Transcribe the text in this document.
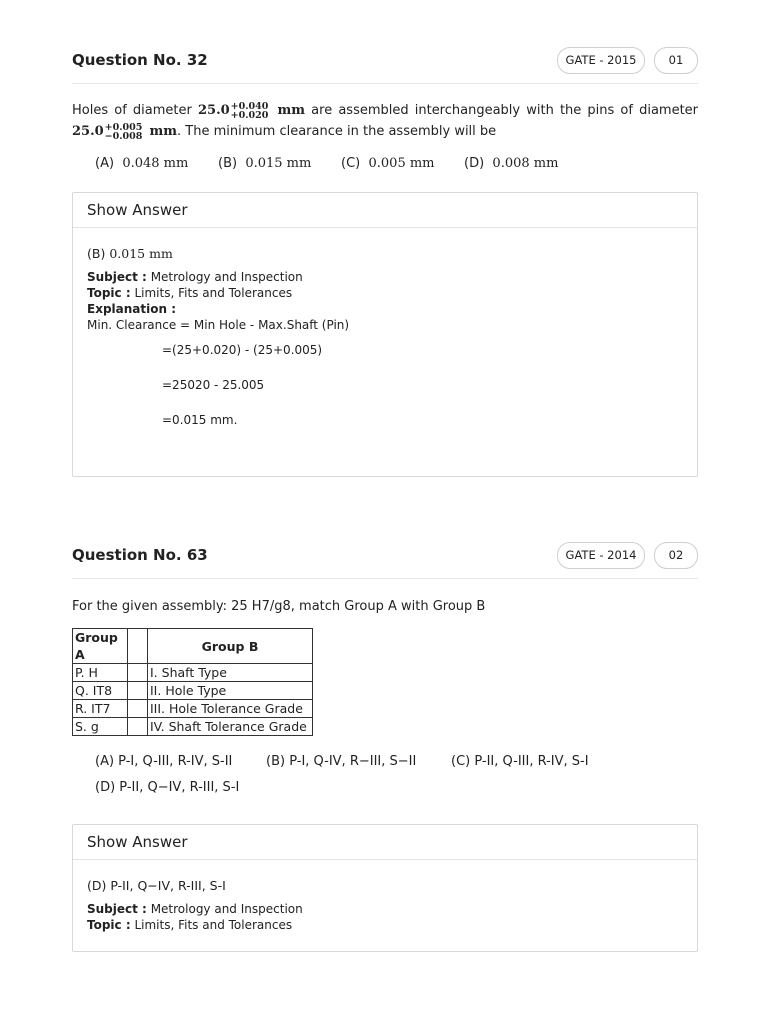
Question No. 32	GATE - 2015	01
Holes of diameter 25.0 +0.040
+0.020 mm are assembled interchangeably with the pins of diameter 25.0 +0.005
−0.008 mm. The minimum clearance in the assembly will be
(A) 0.048 mm (B) 0.015 mm (C) 0.005 mm (D) 0.008 mm
Show Answer
(B) 0.015 mm
Subject : Metrology and Inspection
Topic : Limits, Fits and Tolerances
Explanation :
Min. Clearance = Min Hole - Max.Shaft (Pin)
=(25+0.020) - (25+0.005)
=25020 - 25.005
=0.015 mm.
Question No. 63	GATE - 2014	02
For the given assembly: 25 H7/g8, match Group A with Group B
Group A		Group B
P. H		I. Shaft Type
Q. IT8		II. Hole Type
R. IT7		III. Hole Tolerance Grade
S. g		IV. Shaft Tolerance Grade
(A) P-I, Q-III, R-IV, S-II	(B) P-I, Q-IV, R−III, S−II	(C) P-II, Q-III, R-IV, S-I
(D) P-II, Q−IV, R-III, S-I
Show Answer
(D) P-II, Q−IV, R-III, S-I
Subject : Metrology and Inspection
Topic : Limits, Fits and Tolerances
